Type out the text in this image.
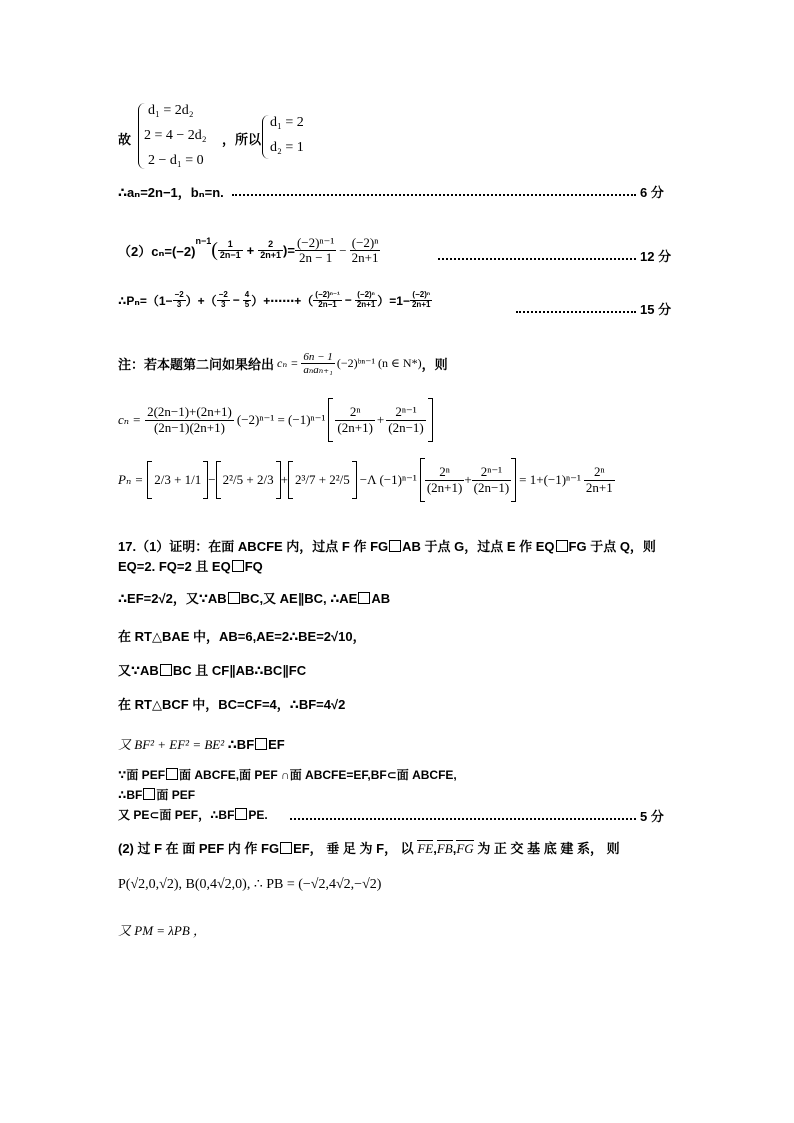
故
d₁ = 2d₂
2 = 4 − 2d₂
2 − d₁ = 0
，所以
d₁ = 2
d₂ = 1
∴aₙ=2n−1，bₙ=n.	6 分
（2）cₙ=(−2)
$^{n-1}$ ( $\frac{1}{2n-1} + \frac{2}{2n+1}$ )= $\frac{\text{(−2)ⁿ⁻¹}}{2n - 1} - \frac{\text{(−2)ⁿ}}{2n+1}$	12 分
∴Pₙ=（1− $\frac{-2}{3}$ ）+（ $\frac{-2}{3} - \frac{4}{5}$ ）+⋯⋯+（ $\frac{\text{(−2)ⁿ⁻¹}}{2n-1} - \frac{\text{(−2)ⁿ}}{2n+1} )=1- \frac{\text{(−2)ⁿ}}{2n+1}$	15 分
注：若本题第二问如果给出 $c_n = \frac{6n - 1}{\text{aₙaₙ₊₁}}$ (−2)ᵇⁿ⁻¹ (n ∈ N*) ，则
$c_n = \frac{2(2n-1)+(2n+1)}{(2n-1)(2n+1)} (-2)^{n-1} = (-1)^{n-1} \frac{\text{2ⁿ}}{(2n+1)} + \frac{\text{2ⁿ⁻¹}}{(2n-1)}$
Pₙ = 2/3 + 1/1 − 2²/5 + 2/3 + 2³/7 + 2²/5 −Λ $(-1)^{n-1} \frac{\text{2ⁿ}}{(2n+1)} + \frac{\text{2ⁿ⁻¹}}{(2n-1)} = 1+(-1)^{n-1} \frac{\text{2ⁿ}}{2n+1}$
17.（1）证明：在面 ABCFE 内，过点 F 作 FG AB 于点 G，过点 E 作 EQ FG 于点 Q，则
EQ=2. FQ=2 且 EQ FQ
∴EF=2√2，又∵AB BC,又 AE∥BC, ∴AE AB
在 RT△BAE 中，AB=6,AE=2∴BE=2√10，
又∵AB BC 且 CF∥AB∴BC∥FC
在 RT△BCF 中，BC=CF=4，∴BF=4√2
又 BF² + EF² = BE² ∴BF EF
∵面 PEF 面 ABCFE,面 PEF ∩面 ABCFE=EF,BF⊂面 ABCFE,
∴BF 面 PEF
又 PE⊂面 PEF，∴BF PE.	5 分
(2) 过 F 在 面 PEF 内 作 FG EF， 垂 足 为 F， 以 FE,FB,FG 为 正 交 基 底 建 系， 则
P(√2,0,√2), B(0,4√2,0), ∴ PB = (−√2,4√2,−√2)
又 PM = λPB ，
